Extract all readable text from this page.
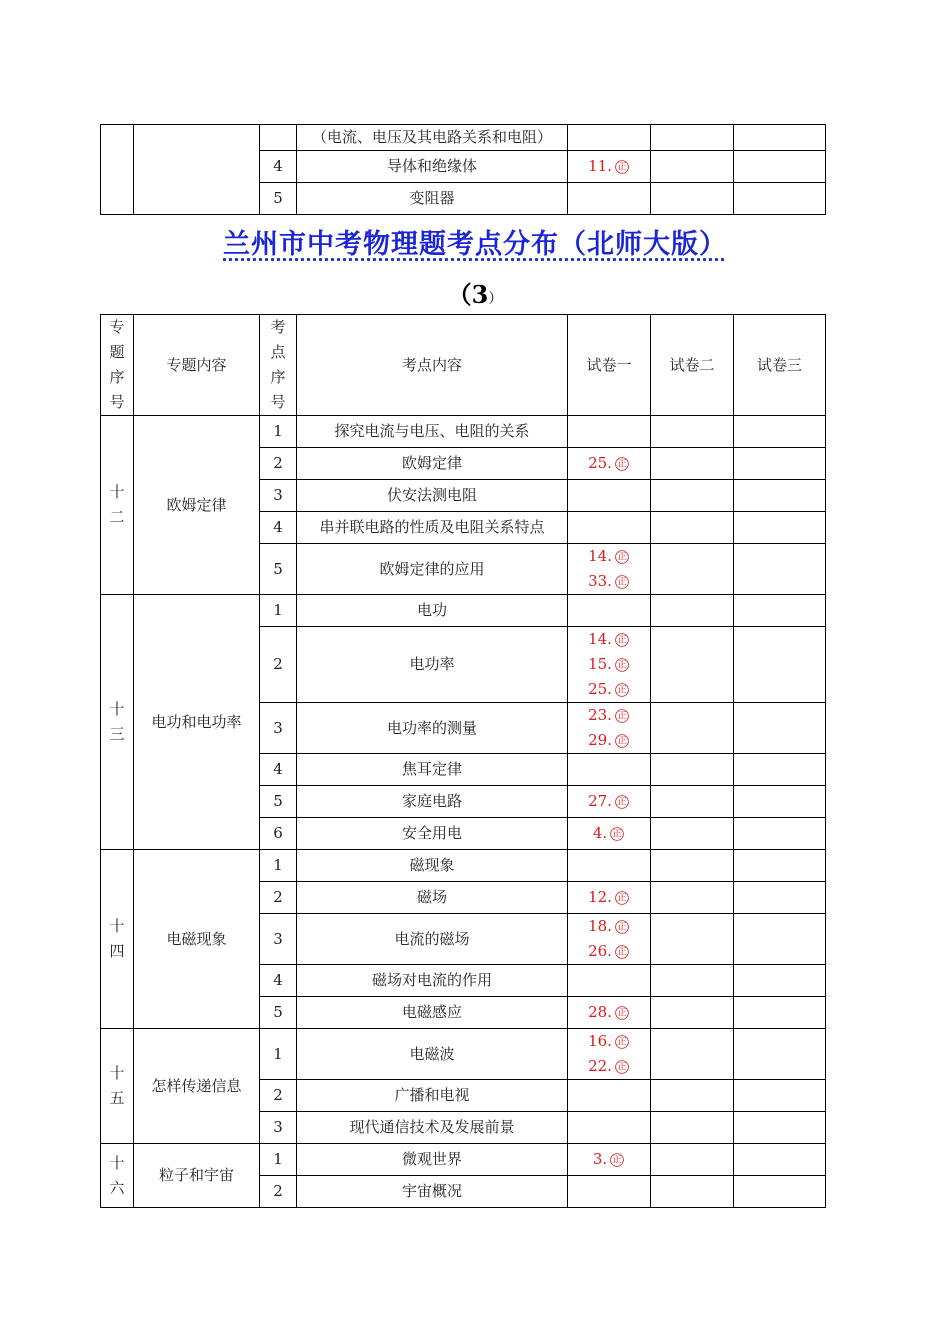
			（电流、电压及其电路关系和电阻）			
		4	导体和绝缘体	11. 正		

		5	变阻器			
兰州市中考物理题考点分布（北师大版）
（3）
专
题
序
号	专题内容	考
点
序
号	考点内容	试卷一	试卷二	试卷三
十
二	欧姆定律	1	探究电流与电压、电阻的关系			
		2	欧姆定律	25. 正		

		3	伏安法测电阻			
		4	串并联电路的性质及电阻关系特点			
		5	欧姆定律的应用	14. 正
33. 正		

十
三	电功和电功率	1	电功			
		2	电功率	14. 正
15. 正
25. 正		

		3	电功率的测量	23. 正
29. 正		

		4	焦耳定律			
		5	家庭电路	27. 正		

		6	安全用电	4. 正		

十
四	电磁现象	1	磁现象			
		2	磁场	12. 正		

		3	电流的磁场	18. 正
26. 正		

		4	磁场对电流的作用			
		5	电磁感应	28. 正		

十
五	怎样传递信息	1	电磁波	16. 正
22. 正		

		2	广播和电视			
		3	现代通信技术及发展前景			
十
六	粒子和宇宙	1	微观世界	3. 正		

		2	宇宙概况			
